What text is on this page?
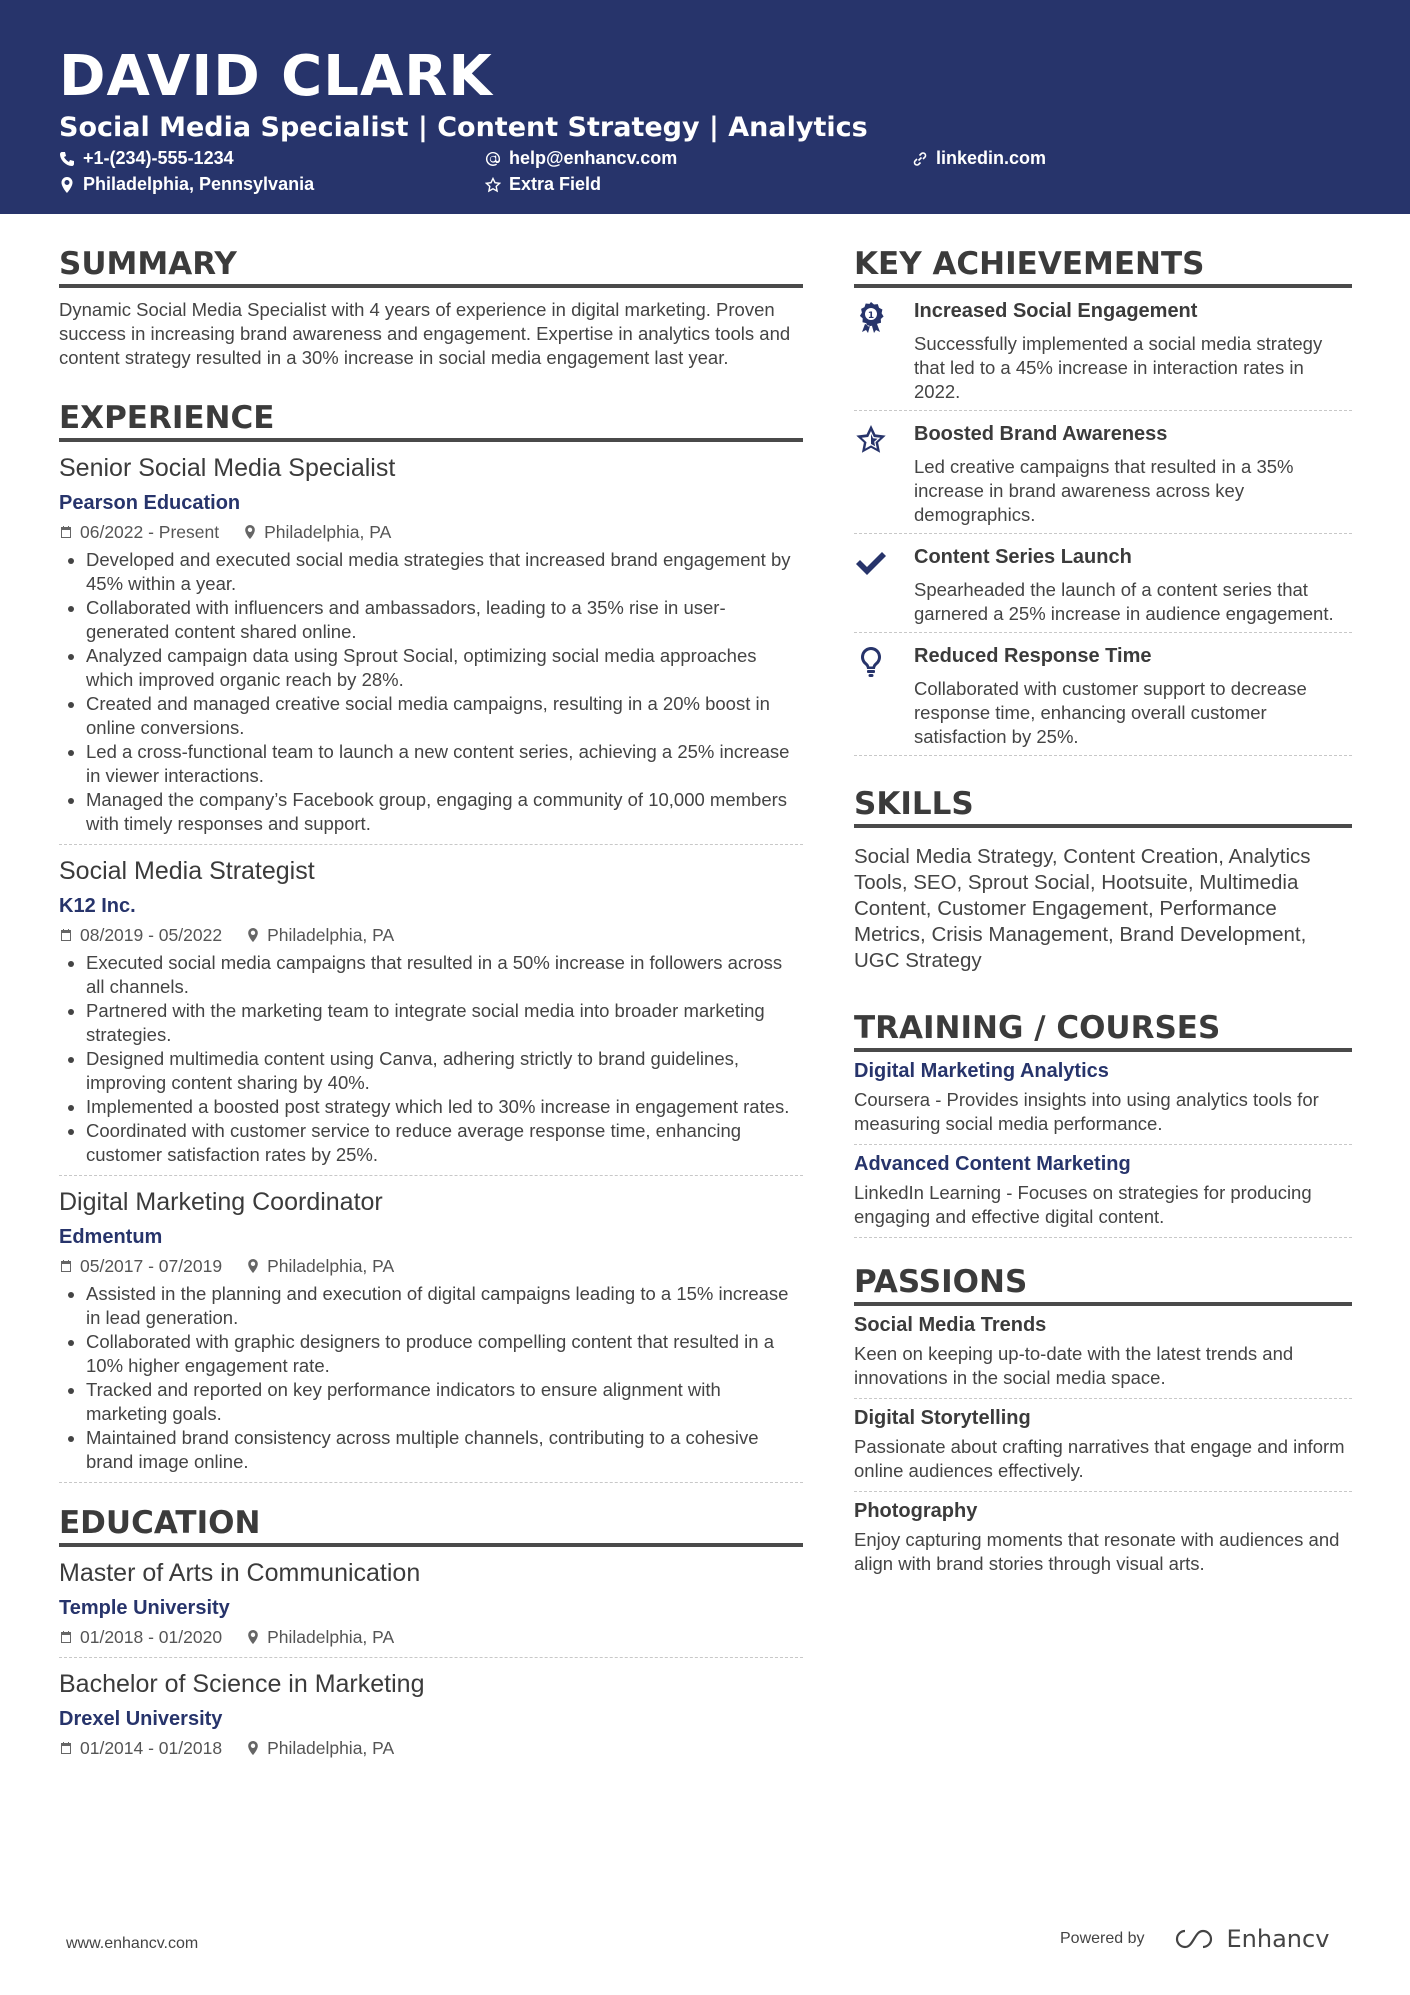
DAVID CLARK
Social Media Specialist | Content Strategy | Analytics
+1-(234)-555-1234	help@enhancv.com	linkedin.com
Philadelphia, Pennsylvania	Extra Field
SUMMARY
Dynamic Social Media Specialist with 4 years of experience in digital marketing. Proven success in increasing brand awareness and engagement. Expertise in analytics tools and content strategy resulted in a 30% increase in social media engagement last year.
EXPERIENCE
Senior Social Media Specialist
Pearson Education
06/2022 - Present	Philadelphia, PA
• Developed and executed social media strategies that increased brand engagement by 45% within a year.
• Collaborated with influencers and ambassadors, leading to a 35% rise in user-generated content shared online.
• Analyzed campaign data using Sprout Social, optimizing social media approaches which improved organic reach by 28%.
• Created and managed creative social media campaigns, resulting in a 20% boost in online conversions.
• Led a cross-functional team to launch a new content series, achieving a 25% increase in viewer interactions.
• Managed the company’s Facebook group, engaging a community of 10,000 members with timely responses and support.
Social Media Strategist
K12 Inc.
08/2019 - 05/2022	Philadelphia, PA
• Executed social media campaigns that resulted in a 50% increase in followers across all channels.
• Partnered with the marketing team to integrate social media into broader marketing strategies.
• Designed multimedia content using Canva, adhering strictly to brand guidelines, improving content sharing by 40%.
• Implemented a boosted post strategy which led to 30% increase in engagement rates.
• Coordinated with customer service to reduce average response time, enhancing customer satisfaction rates by 25%.
Digital Marketing Coordinator
Edmentum
05/2017 - 07/2019	Philadelphia, PA
• Assisted in the planning and execution of digital campaigns leading to a 15% increase in lead generation.
• Collaborated with graphic designers to produce compelling content that resulted in a 10% higher engagement rate.
• Tracked and reported on key performance indicators to ensure alignment with marketing goals.
• Maintained brand consistency across multiple channels, contributing to a cohesive brand image online.
EDUCATION
Master of Arts in Communication
Temple University
01/2018 - 01/2020	Philadelphia, PA
Bachelor of Science in Marketing
Drexel University
01/2014 - 01/2018	Philadelphia, PA
KEY ACHIEVEMENTS
1 Increased Social Engagement
Successfully implemented a social media strategy that led to a 45% increase in interaction rates in 2022.
Boosted Brand Awareness
Led creative campaigns that resulted in a 35% increase in brand awareness across key demographics.
Content Series Launch
Spearheaded the launch of a content series that garnered a 25% increase in audience engagement.
Reduced Response Time
Collaborated with customer support to decrease response time, enhancing overall customer satisfaction by 25%.
SKILLS
Social Media Strategy, Content Creation, Analytics Tools, SEO, Sprout Social, Hootsuite, Multimedia Content, Customer Engagement, Performance Metrics, Crisis Management, Brand Development, UGC Strategy
TRAINING / COURSES
Digital Marketing Analytics
Coursera - Provides insights into using analytics tools for measuring social media performance.
Advanced Content Marketing
LinkedIn Learning - Focuses on strategies for producing engaging and effective digital content.
PASSIONS
Social Media Trends
Keen on keeping up-to-date with the latest trends and innovations in the social media space.
Digital Storytelling
Passionate about crafting narratives that engage and inform online audiences effectively.
Photography
Enjoy capturing moments that resonate with audiences and align with brand stories through visual arts.
www.enhancv.com	Powered by	Enhancv
